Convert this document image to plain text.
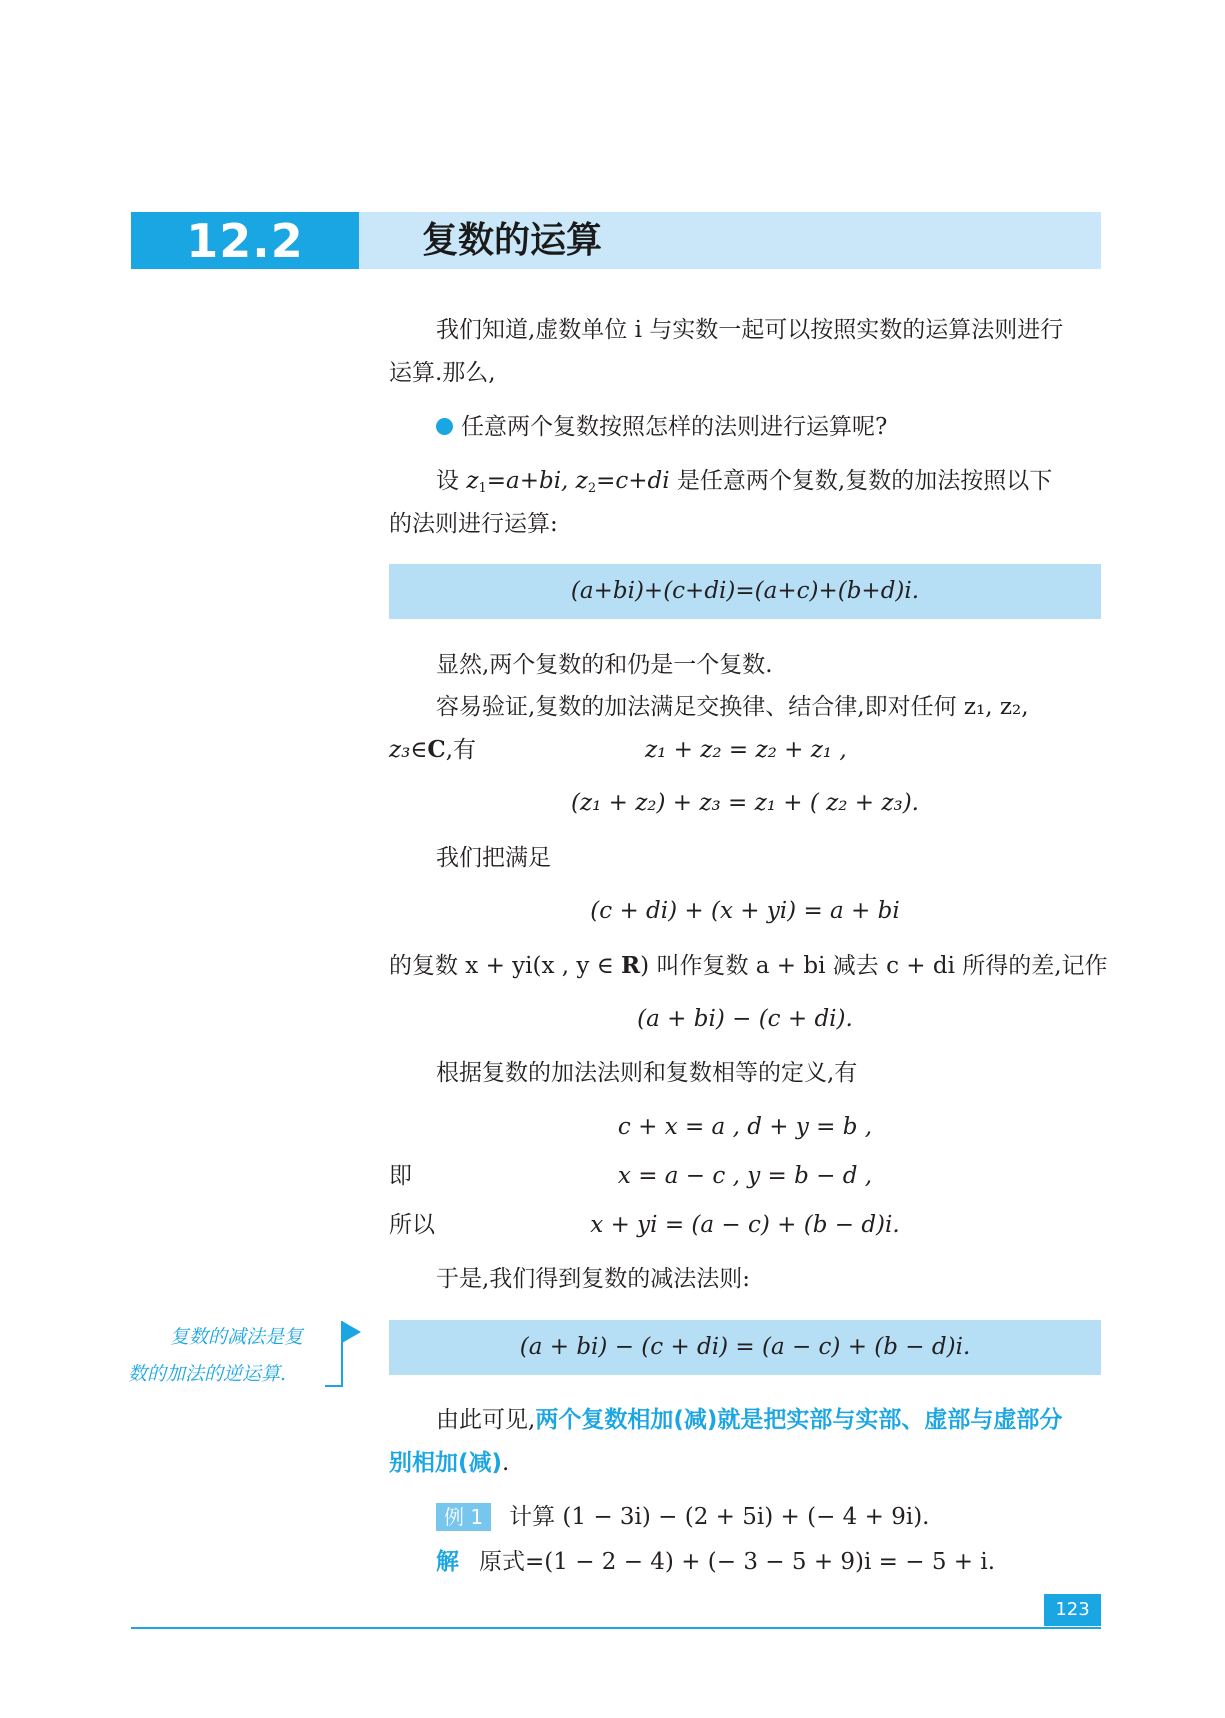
12.2	复数的运算
我们知道,虚数单位 i 与实数一起可以按照实数的运算法则进行
运算.那么,
任意两个复数按照怎样的法则进行运算呢?
设 $z_1=a+bi$, $z_2=c+di$ 是任意两个复数,复数的加法按照以下
的法则进行运算:
(a+bi)+(c+di)=(a+c)+(b+d)i.
显然,两个复数的和仍是一个复数.
容易验证,复数的加法满足交换律、结合律,即对任何 z₁, z₂,
z₃∈C,有	z₁ + z₂ = z₂ + z₁ ,
(z₁ + z₂) + z₃ = z₁ + ( z₂ + z₃).
我们把满足
(c + di) + (x + yi) = a + bi
的复数 x + yi(x , y ∈ R) 叫作复数 a + bi 减去 c + di 所得的差,记作
(a + bi) − (c + di).
根据复数的加法法则和复数相等的定义,有
c + x = a , d + y = b ,
即	x = a − c , y = b − d ,
所以	x + yi = (a − c) + (b − d)i.
于是,我们得到复数的减法法则:
复数的减法是复
数的加法的逆运算.
(a + bi) − (c + di) = (a − c) + (b − d)i.
由此可见,两个复数相加(减)就是把实部与实部、虚部与虚部分
别相加(减).
例 1 计算 (1 − 3i) − (2 + 5i) + (− 4 + 9i).
解 原式=(1 − 2 − 4) + (− 3 − 5 + 9)i = − 5 + i.
123
